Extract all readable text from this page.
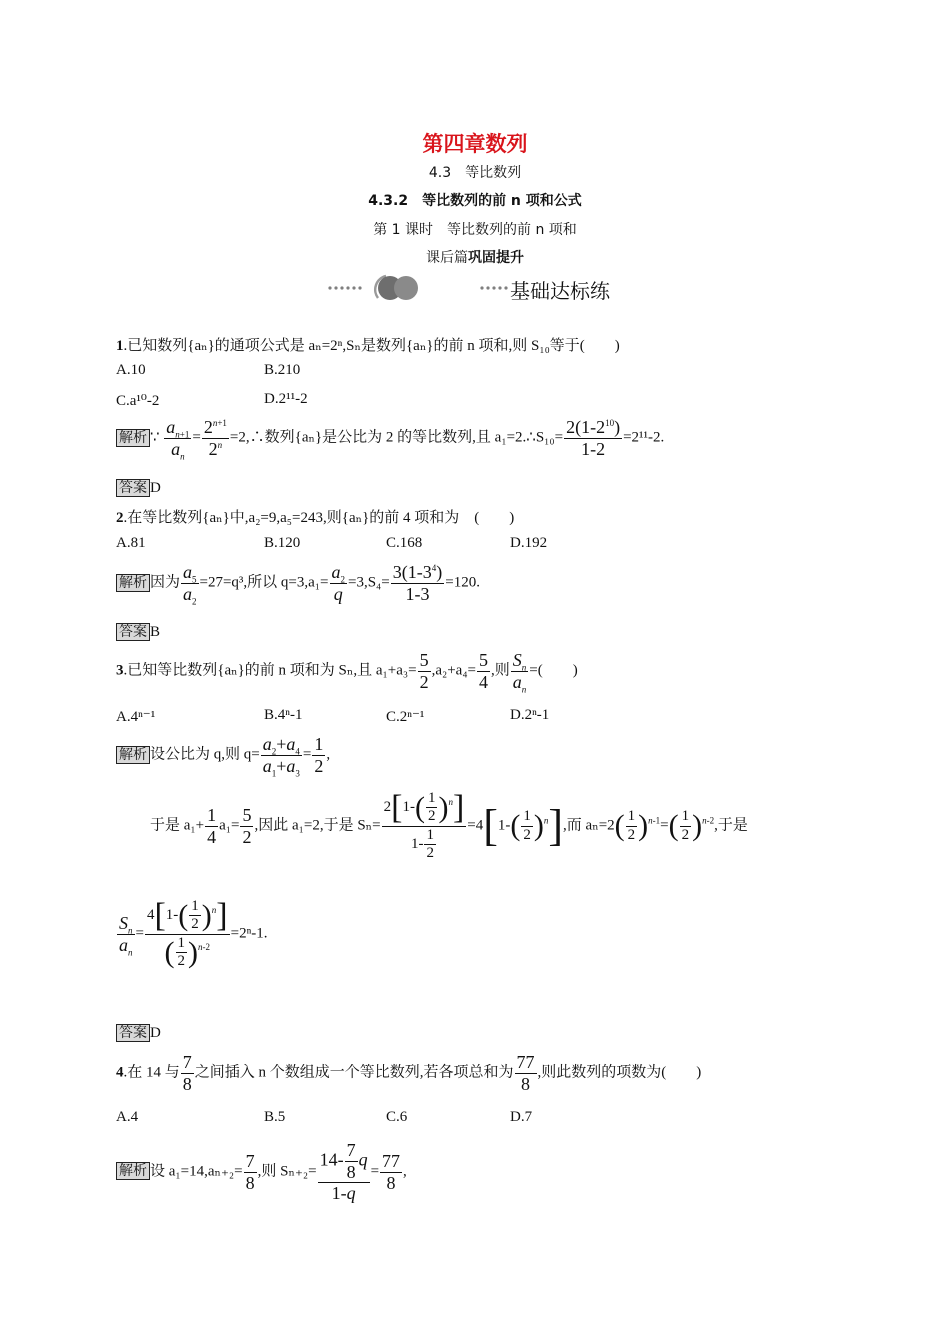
第四章数列
4.3　等比数列
4.3.2　等比数列的前 n 项和公式
第 1 课时　等比数列的前 n 项和
课后篇巩固提升
基础达标练
1.已知数列{aₙ}的通项公式是 aₙ=2ⁿ,Sₙ是数列{aₙ}的前 n 项和,则 S₁₀等于(　　)
A.10	B.210
C.a¹⁰-2	D.2¹¹-2
解析 ∵ $\frac{a_{n+1}}{a_n} = \frac{2^{n+1}}{2^n}$ =2,∴数列{aₙ}是公比为 2 的等比数列,且 a₁=2.∴S₁₀= $\frac{2(1-2^{10})}{1-2} =2^{11}-2$.
答案 D
2.在等比数列{aₙ}中,a₂=9,a₅=243,则{aₙ}的前 4 项和为　(　　)
A.81	B.120	C.168	D.192
解析 因为 $\frac{a_5}{a_2} =27=q^3$,所以 $q=3,a_1= \frac{a_2}{q} =3,S_4= \frac{3(1-3^4)}{1-3} =120$.
答案 B
3.已知等比数列{aₙ}的前 n 项和为 Sₙ,且 $a_1+a_3= \frac{5}{2} ,a_2+a_4= \frac{5}{4}$ ,则 $\frac{S_n}{a_n}$ =(　　)
A.4ⁿ⁻¹	B.4ⁿ-1	C.2ⁿ⁻¹	D.2ⁿ-1
解析 设公比为 q,则 $q= \frac{a_2+a_4}{a_1+a_3} = \frac{1}{2}$ ,
于是 $a_1+ \frac{1}{4} a_1= \frac{5}{2}$ ,因此 a₁=2,于是 $S_n= \frac{2[1-( \frac{1}{2} )^n]}{1- \frac{1}{2}} =4[1-( \frac{1}{2} )^n]$,而 $a_n=2( \frac{1}{2} )^{n-1}=( \frac{1}{2} )^{n-2}$,于是
$\frac{S_n}{a_n} = \frac{4[1-( \frac{1}{2} )^n]}{( \frac{1}{2} )^{n-2}} =2^n-1$.
答案 D
4.在 14 与 $\frac{7}{8}$ 之间插入 n 个数组成一个等比数列,若各项总和为 $\frac{77}{8}$ ,则此数列的项数为(　　)
A.4	B.5	C.6	D.7
解析 设 $a_1=14,a_{n+2}= \frac{7}{8}$ ,则 $S_{n+2}= \frac{14- \frac{7}{8} q}{1-q} = \frac{77}{8}$ ,
